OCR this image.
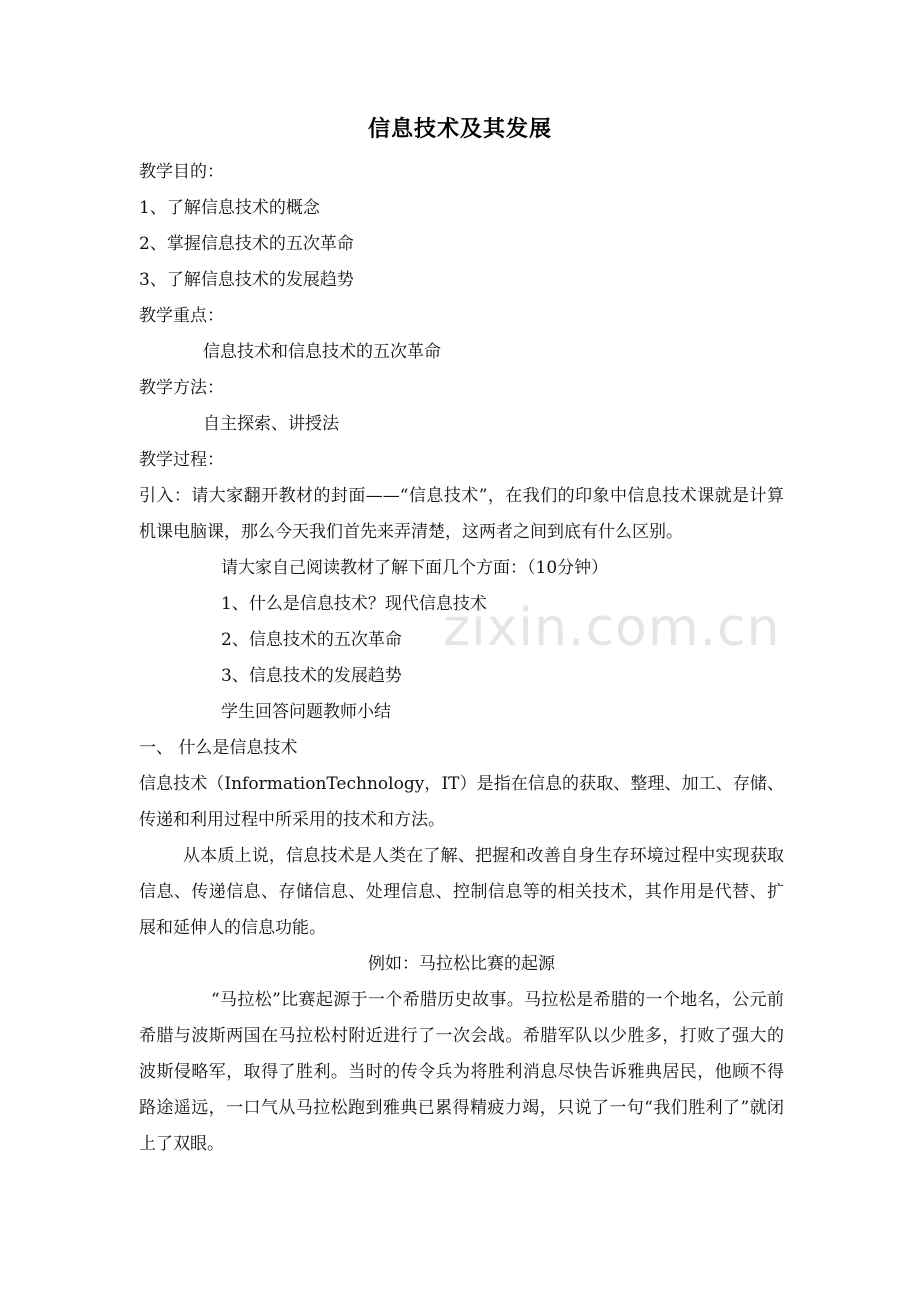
信息技术及其发展
教学目的：
1、了解信息技术的概念
2、掌握信息技术的五次革命
3、了解信息技术的发展趋势
教学重点：
信息技术和信息技术的五次革命
教学方法：
自主探索、讲授法
教学过程：
引入：请大家翻开教材的封面——“信息技术”，在我们的印象中信息技术课就是计算机课电脑课，那么今天我们首先来弄清楚，这两者之间到底有什么区别。
请大家自己阅读教材了解下面几个方面：（10分钟）
1、什么是信息技术？现代信息技术
2、信息技术的五次革命
3、信息技术的发展趋势
学生回答问题教师小结
一、 什么是信息技术
信息技术（InformationTechnology，IT）是指在信息的获取、整理、加工、存储、传递和利用过程中所采用的技术和方法。
从本质上说，信息技术是人类在了解、把握和改善自身生存环境过程中实现获取信息、传递信息、存储信息、处理信息、控制信息等的相关技术，其作用是代替、扩展和延伸人的信息功能。
例如：马拉松比赛的起源
“马拉松”比赛起源于一个希腊历史故事。马拉松是希腊的一个地名，公元前希腊与波斯两国在马拉松村附近进行了一次会战。希腊军队以少胜多，打败了强大的波斯侵略军，取得了胜利。当时的传令兵为将胜利消息尽快告诉雅典居民，他顾不得路途遥远，一口气从马拉松跑到雅典已累得精疲力竭，只说了一句“我们胜利了”就闭上了双眼。
zixin.com.cn
